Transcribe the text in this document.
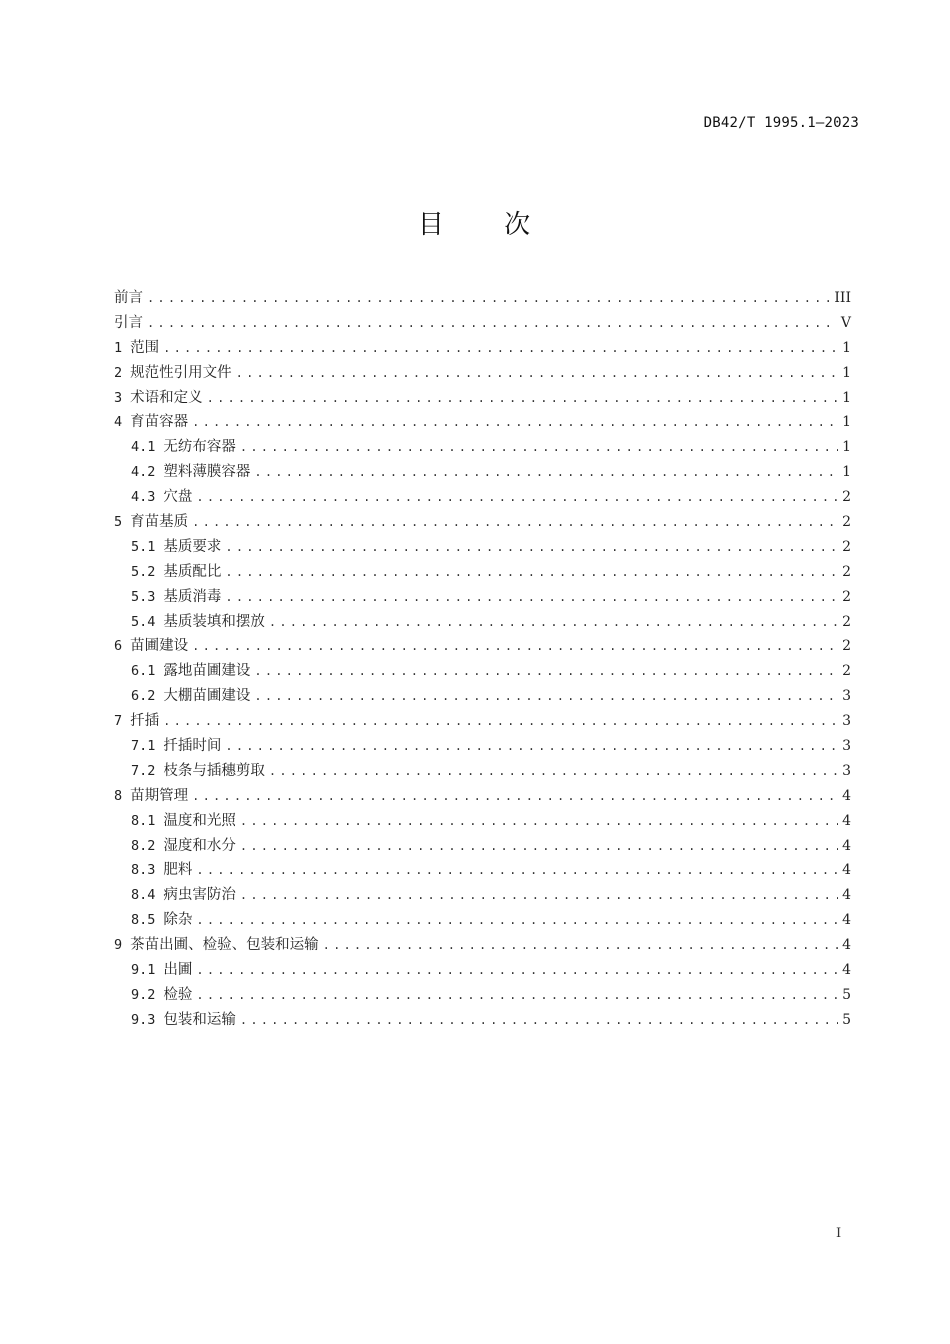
DB42/T 1995.1—2023
目 次
前言 .....	III
引言 .....	V
1 范围 .....	1
2 规范性引用文件 .....	1
3 术语和定义 .....	1
4 育苗容器 .....	1
4.1 无纺布容器 .....	1
4.2 塑料薄膜容器 .....	1
4.3 穴盘 .....	2
5 育苗基质 .....	2
5.1 基质要求 .....	2
5.2 基质配比 .....	2
5.3 基质消毒 .....	2
5.4 基质装填和摆放 .....	2
6 苗圃建设 .....	2
6.1 露地苗圃建设 .....	2
6.2 大棚苗圃建设 .....	3
7 扦插 .....	3
7.1 扦插时间 .....	3
7.2 枝条与插穗剪取 .....	3
8 苗期管理 .....	4
8.1 温度和光照 .....	4
8.2 湿度和水分 .....	4
8.3 肥料 .....	4
8.4 病虫害防治 .....	4
8.5 除杂 .....	4
9 茶苗出圃、检验、包装和运输 .....	4
9.1 出圃 .....	4
9.2 检验 .....	5
9.3 包装和运输 .....	5
I
